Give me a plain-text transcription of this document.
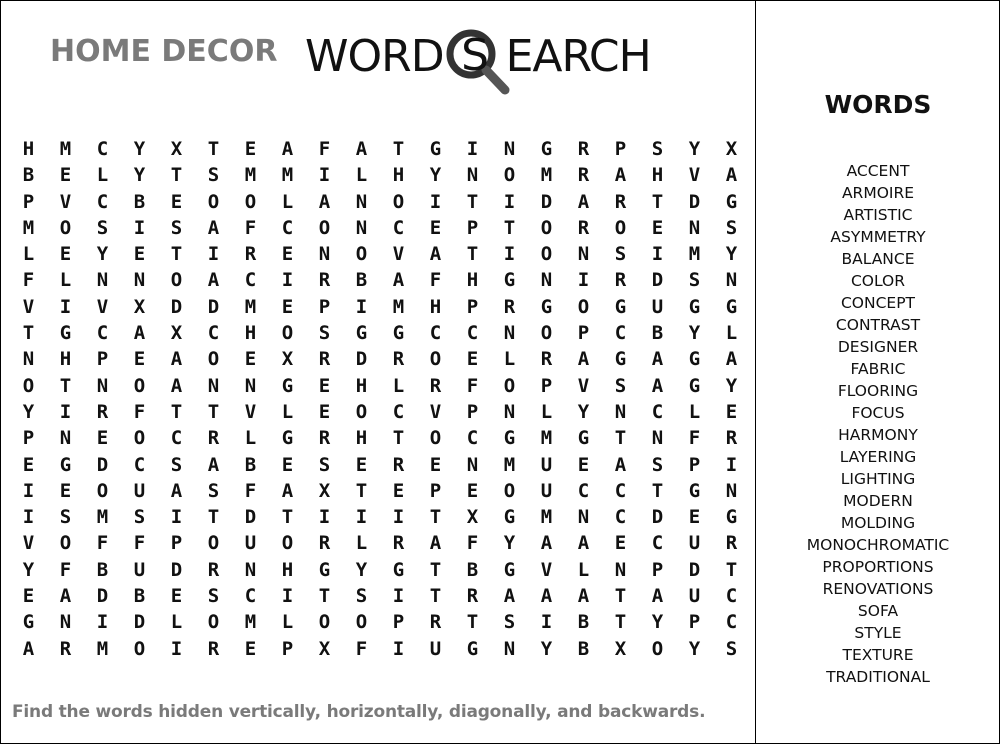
HOME DECOR WORD S EARCH
H	M	C	Y	X	T	E	A	F	A	T	G	I	N	G	R	P	S	Y	X
B	E	L	Y	T	S	M	M	I	L	H	Y	N	O	M	R	A	H	V	A
P	V	C	B	E	O	O	L	A	N	O	I	T	I	D	A	R	T	D	G
M	O	S	I	S	A	F	C	O	N	C	E	P	T	O	R	O	E	N	S
L	E	Y	E	T	I	R	E	N	O	V	A	T	I	O	N	S	I	M	Y
F	L	N	N	O	A	C	I	R	B	A	F	H	G	N	I	R	D	S	N
V	I	V	X	D	D	M	E	P	I	M	H	P	R	G	O	G	U	G	G
T	G	C	A	X	C	H	O	S	G	G	C	C	N	O	P	C	B	Y	L
N	H	P	E	A	O	E	X	R	D	R	O	E	L	R	A	G	A	G	A
O	T	N	O	A	N	N	G	E	H	L	R	F	O	P	V	S	A	G	Y
Y	I	R	F	T	T	V	L	E	O	C	V	P	N	L	Y	N	C	L	E
P	N	E	O	C	R	L	G	R	H	T	O	C	G	M	G	T	N	F	R
E	G	D	C	S	A	B	E	S	E	R	E	N	M	U	E	A	S	P	I
I	E	O	U	A	S	F	A	X	T	E	P	E	O	U	C	C	T	G	N
I	S	M	S	I	T	D	T	I	I	I	T	X	G	M	N	C	D	E	G
V	O	F	F	P	O	U	O	R	L	R	A	F	Y	A	A	E	C	U	R
Y	F	B	U	D	R	N	H	G	Y	G	T	B	G	V	L	N	P	D	T
E	A	D	B	E	S	C	I	T	S	I	T	R	A	A	A	T	A	U	C
G	N	I	D	L	O	M	L	O	O	P	R	T	S	I	B	T	Y	P	C
A	R	M	O	I	R	E	P	X	F	I	U	G	N	Y	B	X	O	Y	S
Find the words hidden vertically, horizontally, diagonally, and backwards.
WORDS
ACCENT
ARMOIRE
ARTISTIC
ASYMMETRY
BALANCE
COLOR
CONCEPT
CONTRAST
DESIGNER
FABRIC
FLOORING
FOCUS
HARMONY
LAYERING
LIGHTING
MODERN
MOLDING
MONOCHROMATIC
PROPORTIONS
RENOVATIONS
SOFA
STYLE
TEXTURE
TRADITIONAL
